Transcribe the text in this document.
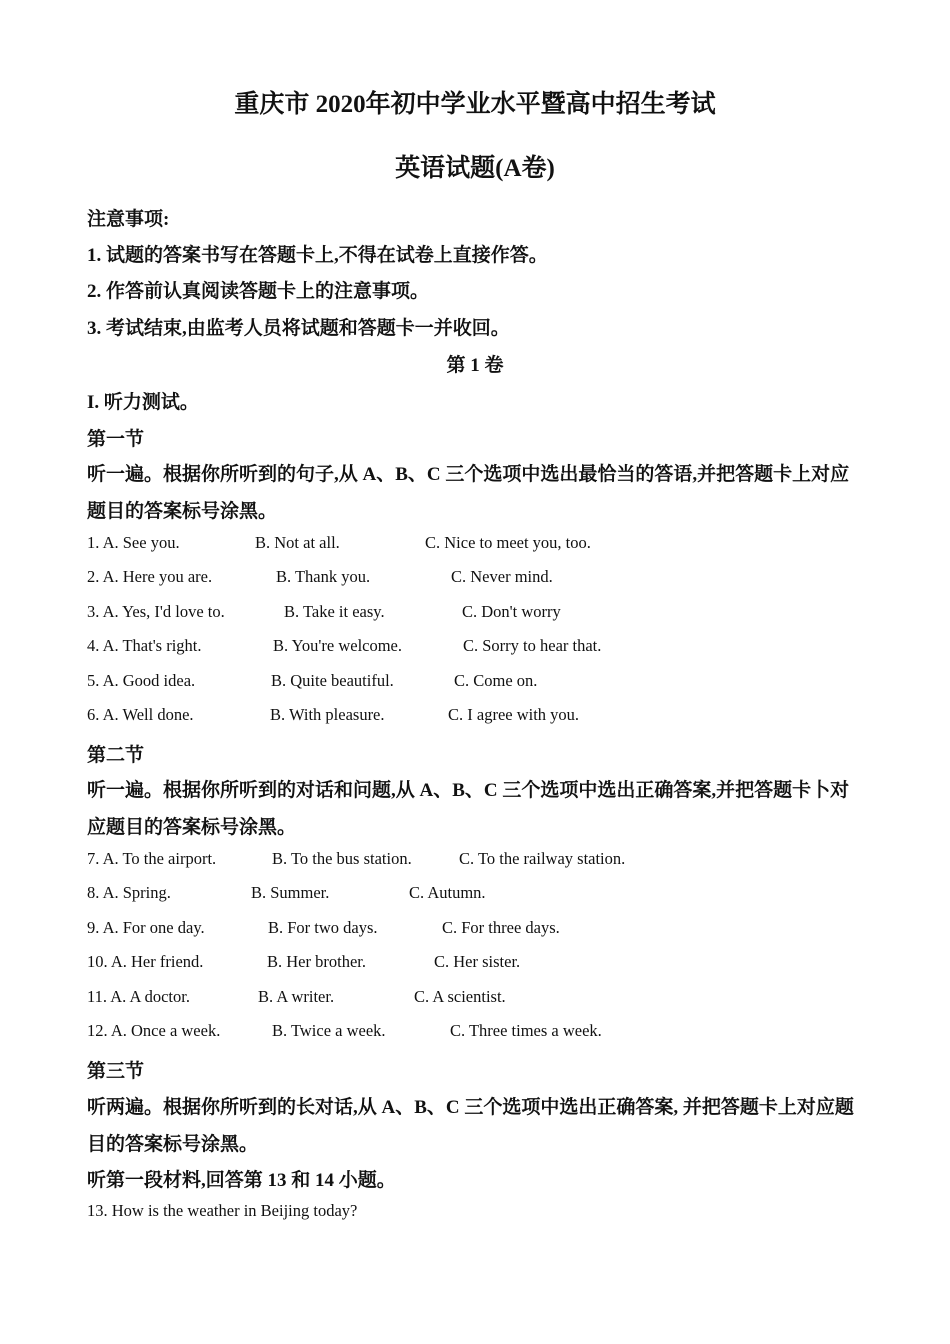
重庆市 2020年初中学业水平暨高中招生考试
英语试题(A卷)
注意事项:
1. 试题的答案书写在答题卡上,不得在试卷上直接作答。
2. 作答前认真阅读答题卡上的注意事项。
3. 考试结束,由监考人员将试题和答题卡一并收回。
第 1 卷
I. 听力测试。
第一节
听一遍。根据你所听到的句子,从 A、B、C 三个选项中选出最恰当的答语,并把答题卡上对应
题目的答案标号涂黑。
1. A. See you.	B. Not at all.	C. Nice to meet you, too.
2. A. Here you are.	B. Thank you.	C. Never mind.
3. A. Yes, I'd love to.	B. Take it easy.	C. Don't worry
4. A. That's right.	B. You're welcome.	C. Sorry to hear that.
5. A. Good idea.	B. Quite beautiful.	C. Come on.
6. A. Well done.	B. With pleasure.	C. I agree with you.
第二节
听一遍。根据你所听到的对话和问题,从 A、B、C 三个选项中选出正确答案,并把答题卡卜对
应题目的答案标号涂黑。
7. A. To the airport.	B. To the bus station.	C. To the railway station.
8. A. Spring.	B. Summer.	C. Autumn.
9. A. For one day.	B. For two days.	C. For three days.
10. A. Her friend.	B. Her brother.	C. Her sister.
11. A. A doctor.	B. A writer.	C. A scientist.
12. A. Once a week.	B. Twice a week.	C. Three times a week.
第三节
听两遍。根据你所听到的长对话,从 A、B、C 三个选项中选出正确答案, 并把答题卡上对应题
目的答案标号涂黑。
听第一段材料,回答第 13 和 14 小题。
13. How is the weather in Beijing today?
